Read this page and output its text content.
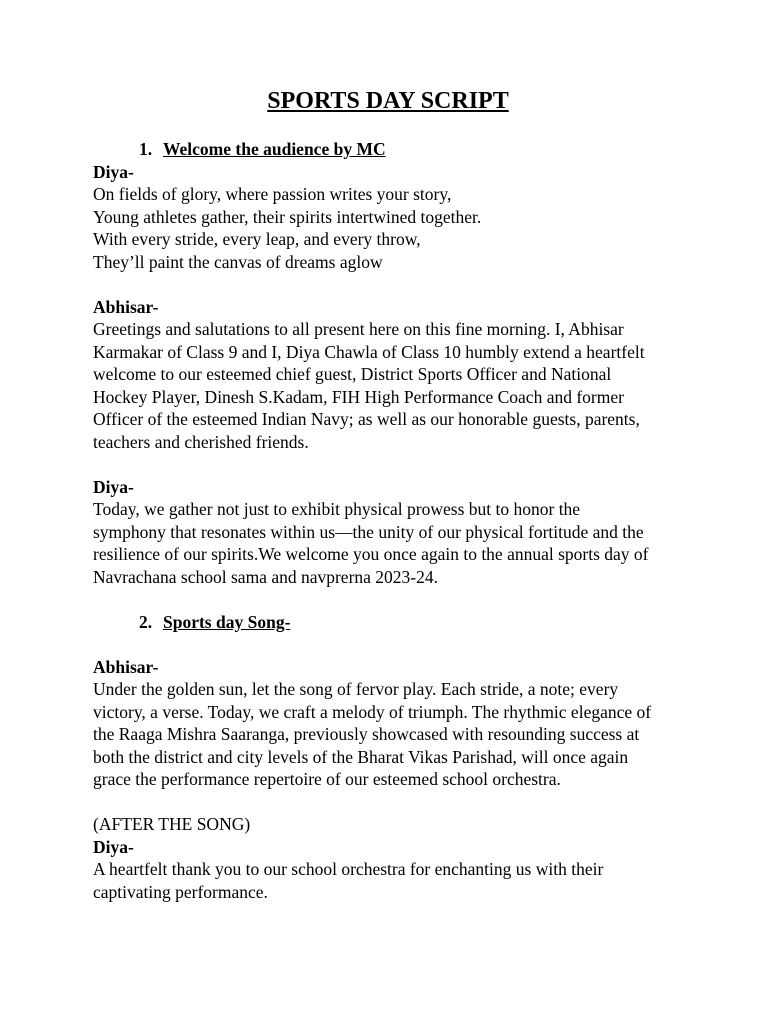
SPORTS DAY SCRIPT

1. Welcome the audience by MC

Diya-

On fields of glory, where passion writes your story,

Young athletes gather, their spirits intertwined together.

With every stride, every leap, and every throw,

They’ll paint the canvas of dreams aglow

Abhisar-

Greetings and salutations to all present here on this fine morning. I, Abhisar

Karmakar of Class 9 and I, Diya Chawla of Class 10 humbly extend a heartfelt

welcome to our esteemed chief guest, District Sports Officer and National

Hockey Player, Dinesh S.Kadam, FIH High Performance Coach and former

Officer of the esteemed Indian Navy; as well as our honorable guests, parents,

teachers and cherished friends.

Diya-

Today, we gather not just to exhibit physical prowess but to honor the

symphony that resonates within us—the unity of our physical fortitude and the

resilience of our spirits.We welcome you once again to the annual sports day of

Navrachana school sama and navprerna 2023-24.

2. Sports day Song-

Abhisar-

Under the golden sun, let the song of fervor play. Each stride, a note; every

victory, a verse. Today, we craft a melody of triumph. The rhythmic elegance of

the Raaga Mishra Saaranga, previously showcased with resounding success at

both the district and city levels of the Bharat Vikas Parishad, will once again

grace the performance repertoire of our esteemed school orchestra.

(AFTER THE SONG)

Diya-

A heartfelt thank you to our school orchestra for enchanting us with their

captivating performance.
